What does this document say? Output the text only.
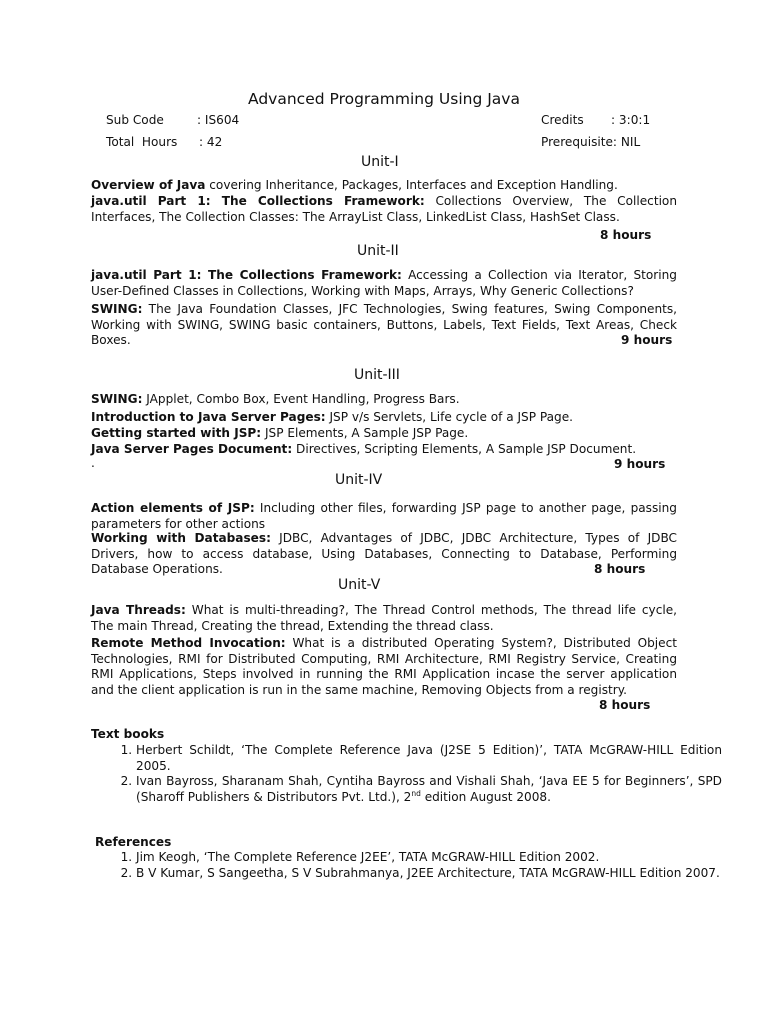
Advanced Programming Using Java
Sub Code	: IS604	Credits : 3:0:1
Total  Hours : 42	Prerequisite: NIL
Unit-I
Overview of Java covering Inheritance, Packages, Interfaces and Exception Handling.
java.util Part 1: The Collections Framework: Collections Overview, The Collection Interfaces, The Collection Classes: The ArrayList Class, LinkedList Class, HashSet Class.
8 hours
Unit-II
java.util Part 1: The Collections Framework: Accessing a Collection via Iterator, Storing User-Defined Classes in Collections, Working with Maps, Arrays, Why Generic Collections?
SWING: The Java Foundation Classes, JFC Technologies, Swing features, Swing Components, Working with SWING, SWING basic containers, Buttons, Labels, Text Fields, Text Areas, Check Boxes.	9 hours
Unit-III
SWING: JApplet, Combo Box, Event Handling, Progress Bars.
Introduction to Java Server Pages: JSP v/s Servlets, Life cycle of a JSP Page.
Getting started with JSP: JSP Elements, A Sample JSP Page.
Java Server Pages Document: Directives, Scripting Elements, A Sample JSP Document.
.	9 hours
Unit-IV
Action elements of JSP: Including other files, forwarding JSP page to another page, passing parameters for other actions
Working with Databases: JDBC, Advantages of JDBC, JDBC Architecture, Types of JDBC Drivers, how to access database, Using Databases, Connecting to Database, Performing Database Operations.	8 hours
Unit-V
Java Threads: What is multi-threading?, The Thread Control methods, The thread life cycle, The main Thread, Creating the thread, Extending the thread class.
Remote Method Invocation: What is a distributed Operating System?, Distributed Object Technologies, RMI for Distributed Computing, RMI Architecture, RMI Registry Service, Creating RMI Applications, Steps involved in running the RMI Application incase the server application and the client application is run in the same machine, Removing Objects from a registry.
8 hours
Text books
1. Herbert Schildt, ‘The Complete Reference Java (J2SE 5 Edition)’, TATA McGRAW-HILL Edition 2005.
2. Ivan Bayross, Sharanam Shah, Cyntiha Bayross and Vishali Shah, ‘Java EE 5 for Beginners’, SPD (Sharoff Publishers & Distributors Pvt. Ltd.), 2nd edition August 2008.
References
1. Jim Keogh, ‘The Complete Reference J2EE’, TATA McGRAW-HILL Edition 2002.
2. B V Kumar, S Sangeetha, S V Subrahmanya, J2EE Architecture, TATA McGRAW-HILL Edition 2007.
